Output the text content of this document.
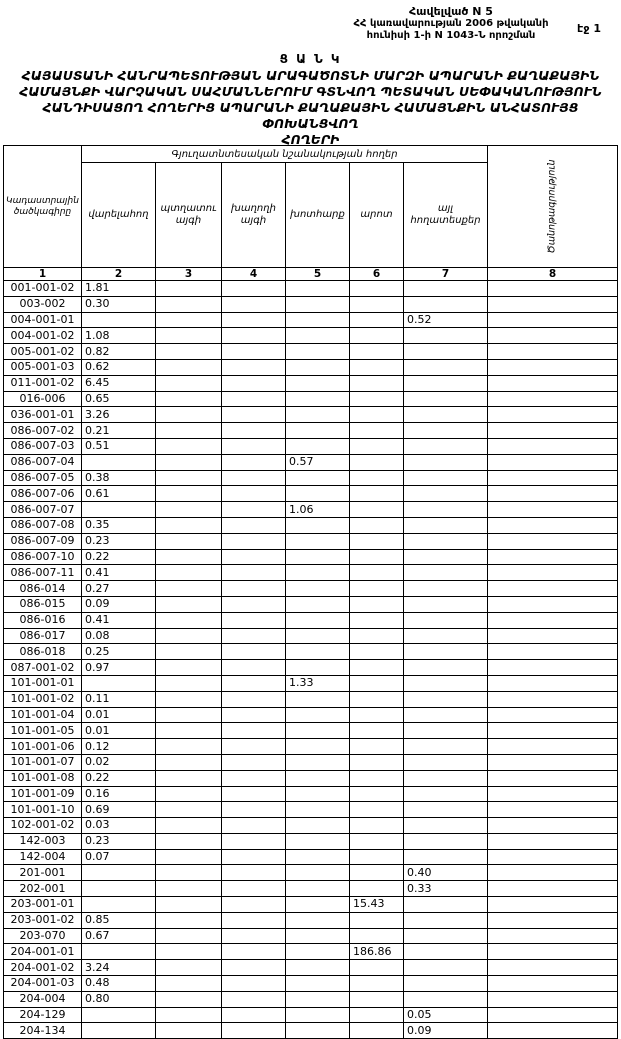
Հավելված N 5
ՀՀ կառավարության 2006 թվականի
հունիսի 1-ի N 1043-Ն որոշման
էջ 1
Ց Ա Ն Կ
ՀԱՅԱՍՏԱՆԻ ՀԱՆՐԱՊԵՏՈՒԹՅԱՆ ԱՐԱԳԱԾՈՏՆԻ ՄԱՐԶԻ ԱՊԱՐԱՆԻ ՔԱՂԱՔԱՅԻՆ
ՀԱՄԱՅՆՔԻ ՎԱՐՉԱԿԱՆ ՍԱՀՄԱՆՆԵՐՈՒՄ ԳՏՆՎՈՂ ՊԵՏԱԿԱՆ ՍԵՓԱԿԱՆՈՒԹՅՈՒՆ
ՀԱՆԴԻՍԱՑՈՂ ՀՈՂԵՐԻՑ ԱՊԱՐԱՆԻ ՔԱՂԱՔԱՅԻՆ ՀԱՄԱՅՆՔԻՆ ԱՆՀԱՏՈՒՅՑ ՓՈԽԱՆՑՎՈՂ
ՀՈՂԵՐԻ
Կադաստրային ծածկագիրը	Գյուղատնտեսական նշանակության հողեր						Ծանոթագրություն
	վարելահող	պտղատու այգի	խաղողի այգի	խոտհարք	արոտ	այլ հողատեսքեր	
1	2	3	4	5	6	7	8
001-001-02	1.81						
003-002	0.30						
004-001-01						0.52	
004-001-02	1.08						
005-001-02	0.82						
005-001-03	0.62						
011-001-02	6.45						
016-006	0.65						
036-001-01	3.26						
086-007-02	0.21						
086-007-03	0.51						
086-007-04				0.57			
086-007-05	0.38						
086-007-06	0.61						
086-007-07				1.06			
086-007-08	0.35						
086-007-09	0.23						
086-007-10	0.22						
086-007-11	0.41						
086-014	0.27						
086-015	0.09						
086-016	0.41						
086-017	0.08						
086-018	0.25						
087-001-02	0.97						
101-001-01				1.33			
101-001-02	0.11						
101-001-04	0.01						
101-001-05	0.01						
101-001-06	0.12						
101-001-07	0.02						
101-001-08	0.22						
101-001-09	0.16						
101-001-10	0.69						
102-001-02	0.03						
142-003	0.23						
142-004	0.07						
201-001						0.40	
202-001						0.33	
203-001-01					15.43		
203-001-02	0.85						
203-070	0.67						
204-001-01					186.86		
204-001-02	3.24						
204-001-03	0.48						
204-004	0.80						
204-129						0.05	
204-134						0.09	
